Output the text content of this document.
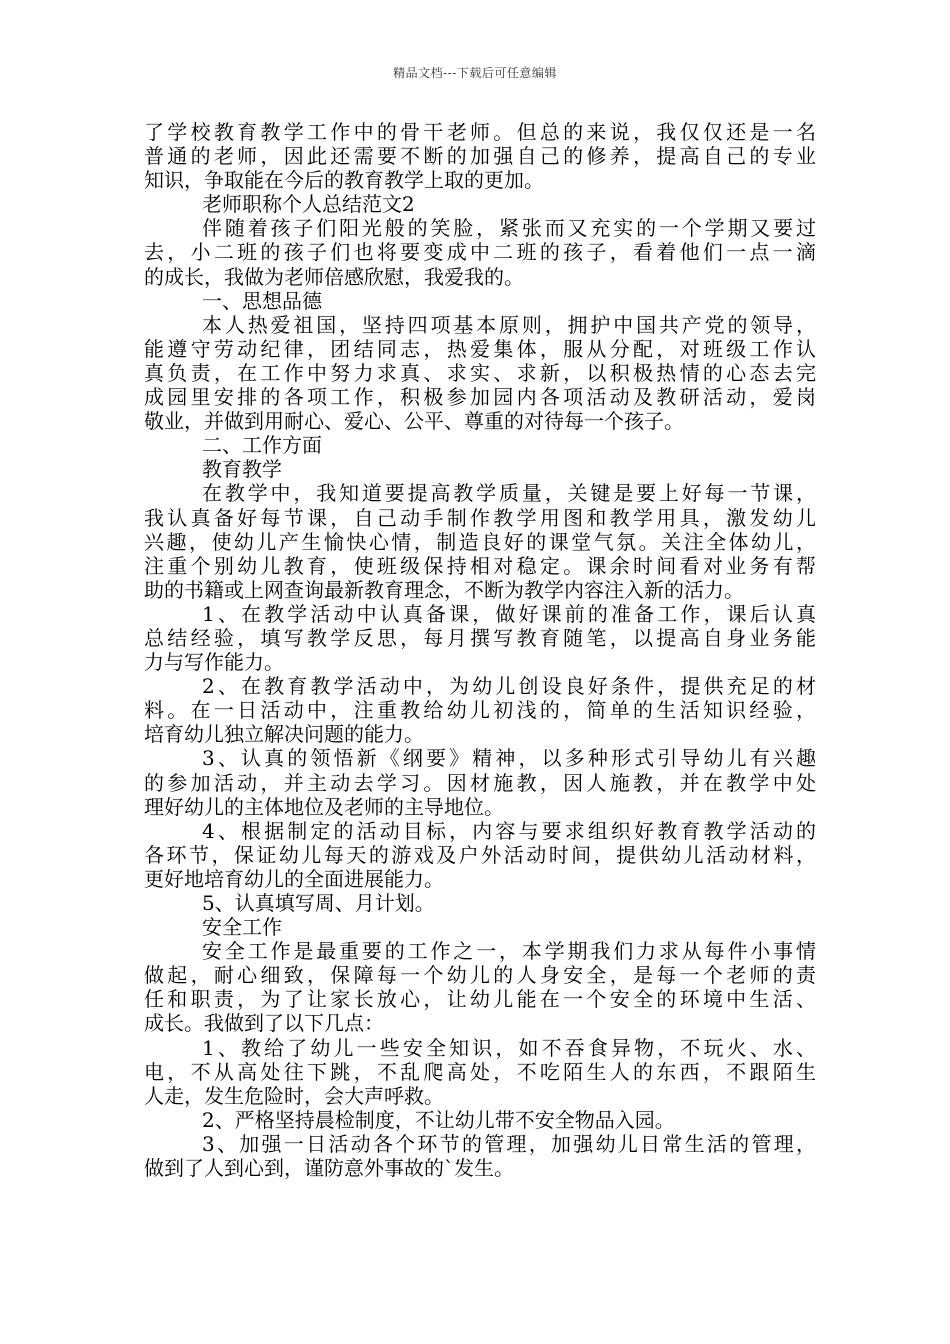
精品文档---下载后可任意编辑
了学校教育教学工作中的骨干老师。但总的来说，我仅仅还是一名
普通的老师，因此还需要不断的加强自己的修养，提高自己的专业
知识，争取能在今后的教育教学上取的更加。
老师职称个人总结范文2
伴随着孩子们阳光般的笑脸，紧张而又充实的一个学期又要过
去，小二班的孩子们也将要变成中二班的孩子，看着他们一点一滴
的成长，我做为老师倍感欣慰，我爱我的。
一、思想品德
本人热爱祖国，坚持四项基本原则，拥护中国共产党的领导，
能遵守劳动纪律，团结同志，热爱集体，服从分配，对班级工作认
真负责，在工作中努力求真、求实、求新，以积极热情的心态去完
成园里安排的各项工作，积极参加园内各项活动及教研活动，爱岗
敬业，并做到用耐心、爱心、公平、尊重的对待每一个孩子。
二、工作方面
教育教学
在教学中，我知道要提高教学质量，关键是要上好每一节课，
我认真备好每节课，自己动手制作教学用图和教学用具，激发幼儿
兴趣，使幼儿产生愉快心情，制造良好的课堂气氛。关注全体幼儿，
注重个别幼儿教育，使班级保持相对稳定。课余时间看对业务有帮
助的书籍或上网查询最新教育理念，不断为教学内容注入新的活力。
1、在教学活动中认真备课，做好课前的准备工作，课后认真
总结经验，填写教学反思，每月撰写教育随笔，以提高自身业务能
力与写作能力。
2、在教育教学活动中，为幼儿创设良好条件，提供充足的材
料。在一日活动中，注重教给幼儿初浅的，简单的生活知识经验，
培育幼儿独立解决问题的能力。
3、认真的领悟新《纲要》精神，以多种形式引导幼儿有兴趣
的参加活动，并主动去学习。因材施教，因人施教，并在教学中处
理好幼儿的主体地位及老师的主导地位。
4、根据制定的活动目标，内容与要求组织好教育教学活动的
各环节，保证幼儿每天的游戏及户外活动时间，提供幼儿活动材料，
更好地培育幼儿的全面进展能力。
5、认真填写周、月计划。
安全工作
安全工作是最重要的工作之一，本学期我们力求从每件小事情
做起，耐心细致，保障每一个幼儿的人身安全，是每一个老师的责
任和职责，为了让家长放心，让幼儿能在一个安全的环境中生活、
成长。我做到了以下几点：
1、教给了幼儿一些安全知识，如不吞食异物，不玩火、水、
电，不从高处往下跳，不乱爬高处，不吃陌生人的东西，不跟陌生
人走，发生危险时，会大声呼救。
2、严格坚持晨检制度，不让幼儿带不安全物品入园。
3、加强一日活动各个环节的管理，加强幼儿日常生活的管理，
做到了人到心到，谨防意外事故的`发生。
